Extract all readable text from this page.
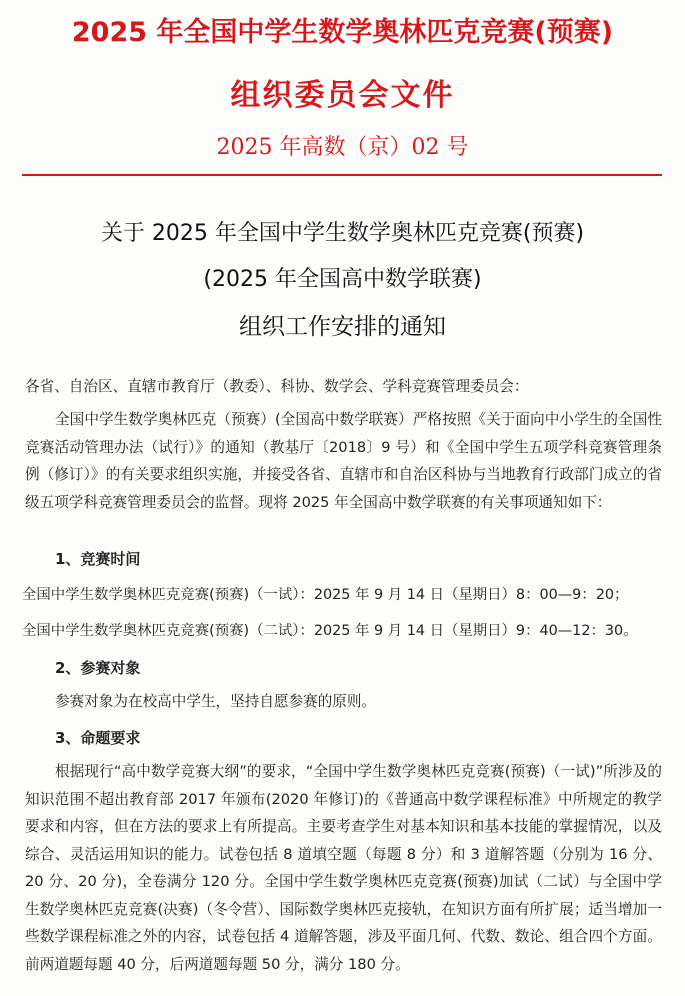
2025 年全国中学生数学奥林匹克竞赛(预赛)
组织委员会文件
2025 年高数（京）02 号
关于 2025 年全国中学生数学奥林匹克竞赛(预赛)
(2025 年全国高中数学联赛)
组织工作安排的通知
各省、自治区、直辖市教育厅（教委）、科协、数学会、学科竞赛管理委员会：
全国中学生数学奥林匹克（预赛）(全国高中数学联赛）严格按照《关于面向中小学生的全国性竞赛活动管理办法（试行）》的通知（教基厅〔2018〕9 号）和《全国中学生五项学科竞赛管理条例（修订）》的有关要求组织实施，并接受各省、直辖市和自治区科协与当地教育行政部门成立的省级五项学科竞赛管理委员会的监督。现将 2025 年全国高中数学联赛的有关事项通知如下：
1、竞赛时间
全国中学生数学奥林匹克竞赛(预赛)（一试）：2025 年 9 月 14 日（星期日）8：00—9：20；
全国中学生数学奥林匹克竞赛(预赛)（二试）：2025 年 9 月 14 日（星期日）9：40—12：30。
2、参赛对象
参赛对象为在校高中学生，坚持自愿参赛的原则。
3、命题要求
根据现行“高中数学竞赛大纲”的要求，“全国中学生数学奥林匹克竞赛(预赛)（一试)”所涉及的知识范围不超出教育部 2017 年颁布(2020 年修订)的《普通高中数学课程标准》中所规定的教学要求和内容，但在方法的要求上有所提高。主要考查学生对基本知识和基本技能的掌握情况，以及综合、灵活运用知识的能力。试卷包括 8 道填空题（每题 8 分）和 3 道解答题（分别为 16 分、20 分、20 分)，全卷满分 120 分。全国中学生数学奥林匹克竞赛(预赛)加试（二试）与全国中学生数学奥林匹克竞赛(决赛)（冬令营）、国际数学奥林匹克接轨，在知识方面有所扩展；适当增加一些数学课程标准之外的内容，试卷包括 4 道解答题，涉及平面几何、代数、数论、组合四个方面。前两道题每题 40 分，后两道题每题 50 分，满分 180 分。
